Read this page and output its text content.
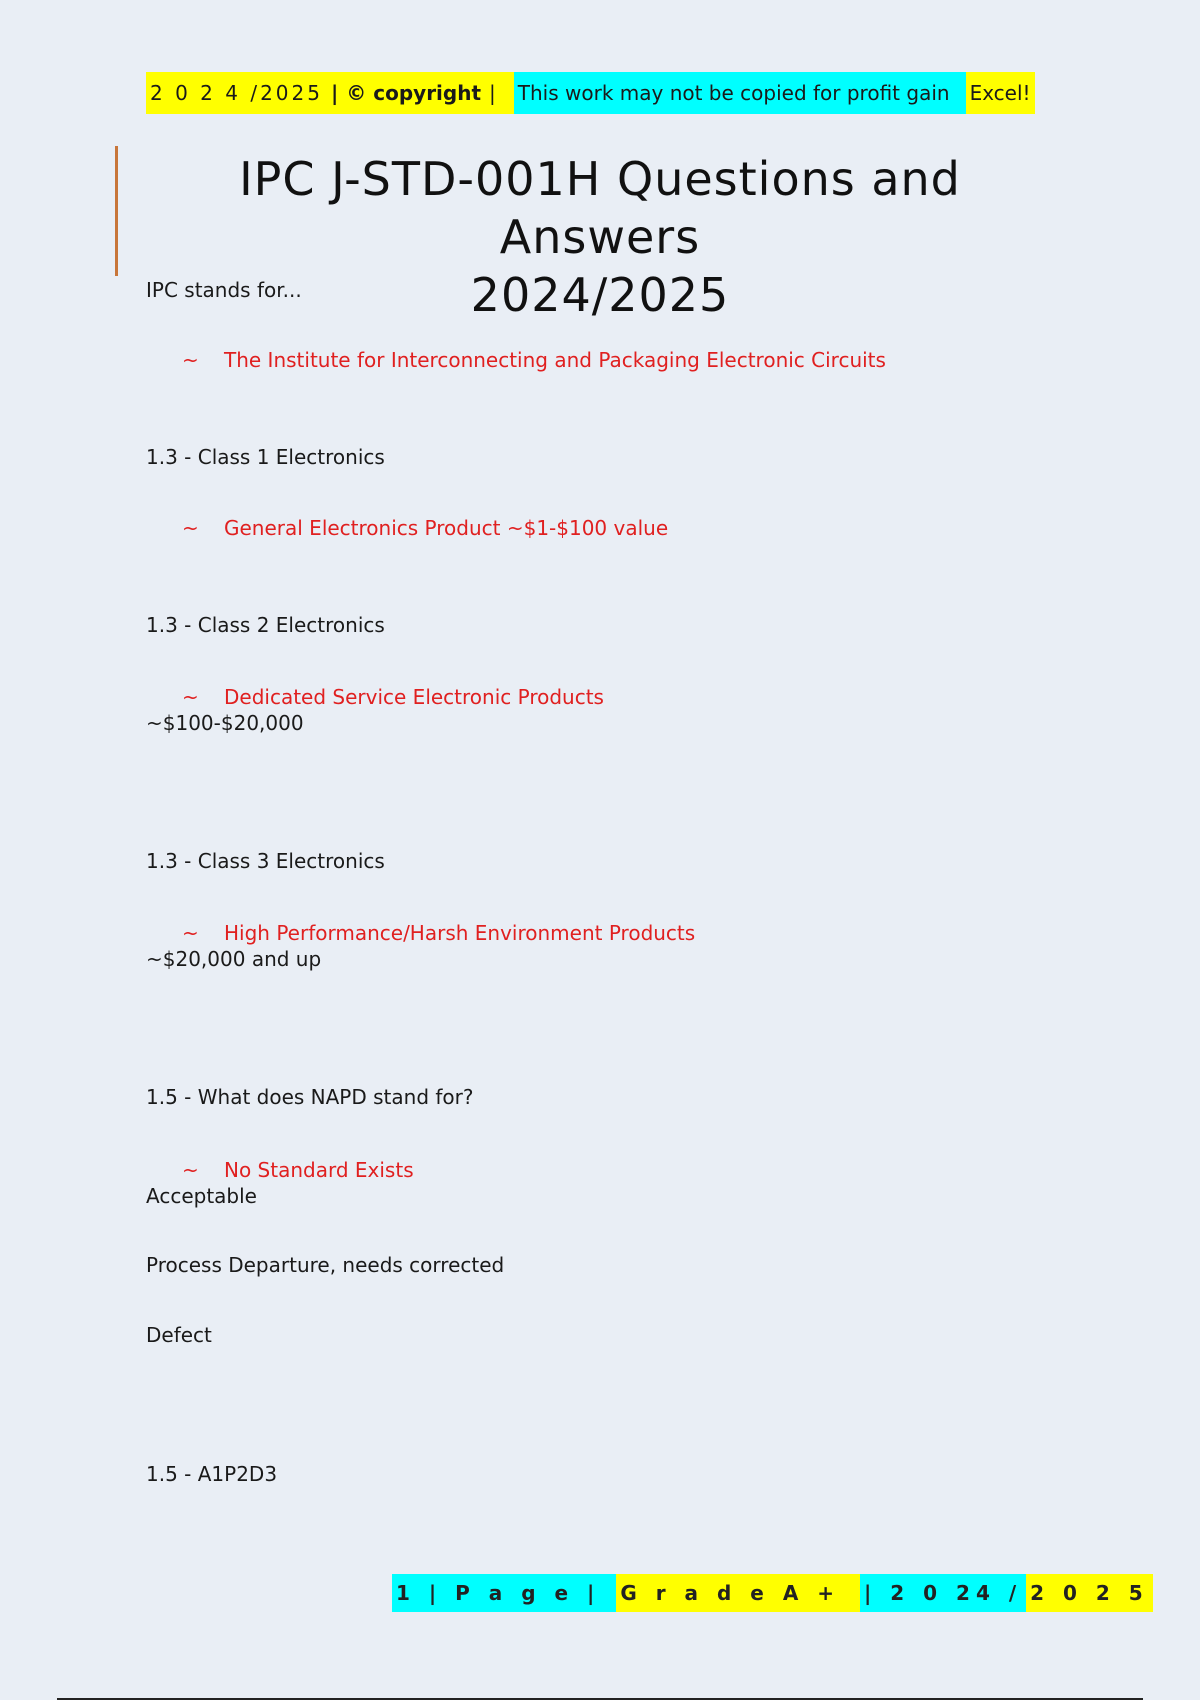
2 0 2 4 /2025 | © copyright |	This work may not be copied for profit gain	Excel!
IPC J-STD-001H Questions and Answers
2024/2025
IPC stands for...
~ The Institute for Interconnecting and Packaging Electronic Circuits
1.3 - Class 1 Electronics
~ General Electronics Product ~$1-$100 value
1.3 - Class 2 Electronics
~ Dedicated Service Electronic Products
~$100-$20,000
1.3 - Class 3 Electronics
~ High Performance/Harsh Environment Products
~$20,000 and up
1.5 - What does NAPD stand for?
~ No Standard Exists
Acceptable
Process Departure, needs corrected
Defect
1.5 - A1P2D3
1 | P a g e |	G r a d e A +	| 2 0 24 / 2 0 2 5
